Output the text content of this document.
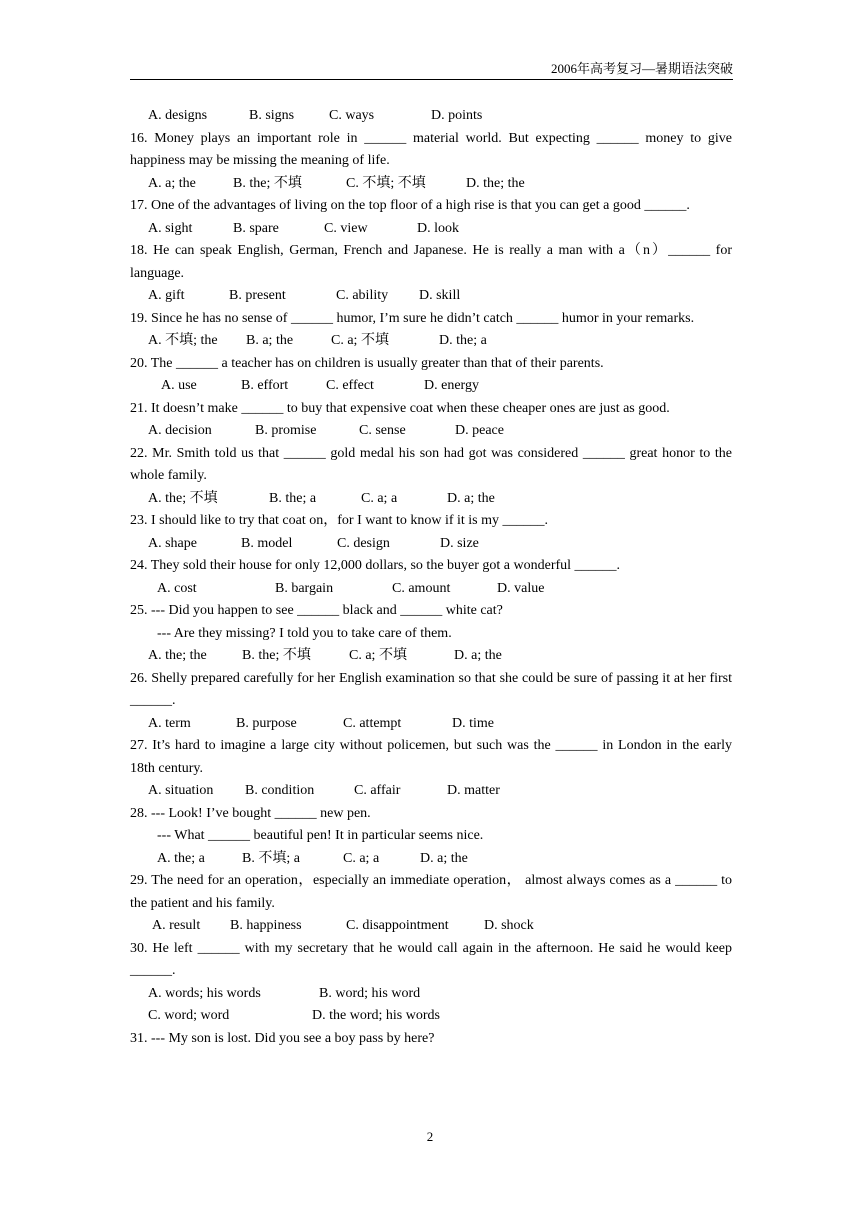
2006年高考复习—暑期语法突破
A. designs	B. signs C. ways	D. points
16. Money plays an important role in ______ material world. But expecting ______ money to give happiness may be missing the meaning of life.
A. a; the	B. the; 不填	C. 不填; 不填	D. the; the
17. One of the advantages of living on the top floor of a high rise is that you can get a good ______.
A. sight	B. spare	C. view	D. look
18. He can speak English, German, French and Japanese. He is really a man with a（n）______ for language.
A. gift	B. present	C. ability D. skill
19. Since he has no sense of ______ humor, I’m sure he didn’t catch ______ humor in your remarks.
A. 不填; the B. a; the	C. a; 不填	D. the; a
20. The ______ a teacher has on children is usually greater than that of their parents.
A. use	B. effort	C. effect	D. energy
21. It doesn’t make ______ to buy that expensive coat when these cheaper ones are just as good.
A. decision	B. promise	C. sense	D. peace
22. Mr. Smith told us that ______ gold medal his son had got was considered ______ great honor to the whole family.
A. the; 不填	B. the; a	C. a; a	D. a; the
23. I should like to try that coat on，for I want to know if it is my ______.
A. shape	B. model	C. design	D. size
24. They sold their house for only 12,000 dollars, so the buyer got a wonderful ______.
A. cost	B. bargain	C. amount	D. value
25. --- Did you happen to see ______ black and ______ white cat?
--- Are they missing? I told you to take care of them.
A. the; the	B. the; 不填	C. a; 不填	D. a; the
26. Shelly prepared carefully for her English examination so that she could be sure of passing it at her first ______.
A. term	B. purpose	C. attempt	D. time
27. It’s hard to imagine a large city without policemen, but such was the ______ in London in the early 18th century.
A. situation B. condition	C. affair	D. matter
28. --- Look! I’ve bought ______ new pen.
--- What ______ beautiful pen! It in particular seems nice.
A. the; a	B. 不填; a	C. a; a	D. a; the
29. The need for an operation，especially an immediate operation， almost always comes as a ______ to the patient and his family.
A. result B. happiness	C. disappointment	D. shock
30. He left ______ with my secretary that he would call again in the afternoon. He said he would keep ______.
A. words; his words	B. word; his word
C. word; word	D. the word; his words
31. --- My son is lost. Did you see a boy pass by here?
2
